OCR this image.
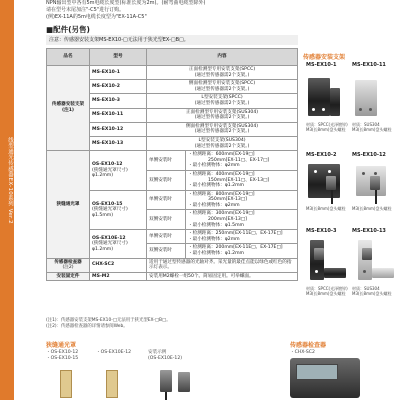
线型通光传感器EX-10系列 Ver.2
NPN输出型中各有5m电缆长度型(标准长度为2m)。(耐弯曲电缆型除外)
请在型号末尾加注"-C5"进行订购。
(例)EX-11A的5m电缆长度型为"EX-11A-C5"
■配件(另售)
注意：传感器安装支架MS-EX10-□无法用于狭光型EX-□B□。
品名	型号	内容	
传感器安装支架(注1)	MS-EX10-1	正面检测型专用安装支架(SPCC)
(通过型传感器需2个支架。)	

	MS-EX10-2	侧面检测型专用安装支架(SPCC)
(通过型传感器需2个支架。)	

	MS-EX10-3	L型安装支架(SPCC)
(通过型传感器需2个支架。)	

	MS-EX10-11	正面检测型专用安装支架(SUS304)
(通过型传感器需2个支架。)	

	MS-EX10-12	侧面检测型专用安装支架(SUS304)
(通过型传感器需2个支架。)	

	MS-EX10-13	L型安装支架(SUS304)
(通过型传感器需2个支架。)	

狭缝通光罩	OS-EX10-12
(狭缝通光罩尺寸)
φ1.2mm)	单侧安装时	・检测距离：600mm[EX-19□]
250mm[EX-11□、EX-17□]
・最小检测物体：φ2mm

		双侧安装时	・检测距离：400mm[EX-19□]
150mm[EX-11□、EX-13□]
・最小检测物体：φ1.2mm

	OS-EX10-15
(狭缝通光罩尺寸)
φ1.5mm)	单侧安装时	・检测距离：800mm[EX-19□]
350mm[EX-13□]
・最小检测物体：φ2mm

		双侧安装时	・检测距离：300mm[EX-19□]
200mm[EX-13□]
・最小检测物体：φ1.5mm

	OS-EX10E-12
(狭缝通光罩尺寸)
φ1.2mm)	单侧安装时	・检测距离：250mm[EX-11E□、EX-17E□]
・最小检测物体：φ2mm

		双侧安装时	・检测距离：200mm[EX-11E□、EX-17E□]
・最小检测物体：φ1.2mm

传感器检查器
(注2)	CHX-SC2	适用于通过型传感器的光轴对齐。采光量的最佳点能以绿色或红色的指示灯表示。	
安装固定件	MS-M2	安装用M2螺栓一组50个。简易固定用。可举螺面。	
(注1)：传感器安装支架MS-EX10-□无法用于狭光型EX-□B□。
(注2)：传感器检查器的详情请参阅Web。
传感器安装支架
MS-EX10-1	MS-EX10-11
材质：SPCC(光泽镀锌)
M3(长8mm)盘头螺栓
材质：SUS304
M3(长8mm)盘头螺栓
MS-EX10-2	MS-EX10-12
M3(长8mm)盘头螺栓	M3(长8mm)盘头螺栓
MS-EX10-3	MS-EX10-13
材质：SPCC(光泽镀锌)
M3(长8mm)盘头螺栓
材质：SUS304
M3(长8mm)盘头螺栓
狭缝通光罩
・OS-EX10-12
・OS-EX10-15
・OS-EX10E-12	安装示例
(OS-EX10E-12)
传感器检查器
・CHX-SC2
